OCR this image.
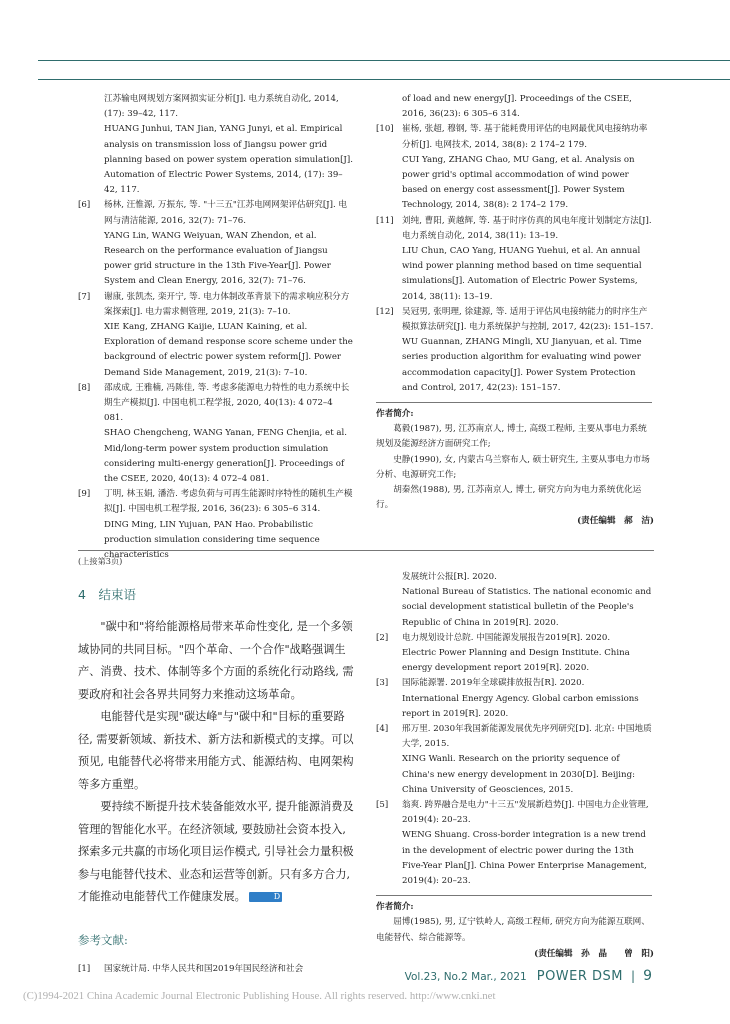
江苏输电网规划方案网损实证分析[J]. 电力系统自动化, 2014, (17): 39–42, 117.
HUANG Junhui, TAN Jian, YANG Junyi, et al. Empirical analysis on transmission loss of Jiangsu power grid planning based on power system operation simulation[J]. Automation of Electric Power Systems, 2014, (17): 39–42, 117.
[6]	杨林, 汪惟源, 万振东, 等. "十三五"江苏电网网架评估研究[J]. 电网与清洁能源, 2016, 32(7): 71–76.
YANG Lin, WANG Weiyuan, WAN Zhendon, et al. Research on the performance evaluation of Jiangsu power grid structure in the 13th Five-Year[J]. Power System and Clean Energy, 2016, 32(7): 71–76.
[7]	谢康, 张凯杰, 栾开宁, 等. 电力体制改革背景下的需求响应积分方案探索[J]. 电力需求侧管理, 2019, 21(3): 7–10.
XIE Kang, ZHANG Kaijie, LUAN Kaining, et al. Exploration of demand response score scheme under the background of electric power system reform[J]. Power Demand Side Management, 2019, 21(3): 7–10.
[8]	邵成成, 王雅楠, 冯陈佳, 等. 考虑多能源电力特性的电力系统中长期生产模拟[J]. 中国电机工程学报, 2020, 40(13): 4 072–4 081.
SHAO Chengcheng, WANG Yanan, FENG Chenjia, et al. Mid/long-term power system production simulation considering multi-energy generation[J]. Proceedings of the CSEE, 2020, 40(13): 4 072–4 081.
[9]	丁明, 林玉娟, 潘浩. 考虑负荷与可再生能源时序特性的随机生产模拟[J]. 中国电机工程学报, 2016, 36(23): 6 305–6 314.
DING Ming, LIN Yujuan, PAN Hao. Probabilistic production simulation considering time sequence characteristics
of load and new energy[J]. Proceedings of the CSEE, 2016, 36(23): 6 305–6 314.
[10] 崔杨, 张超, 穆钢, 等. 基于能耗费用评估的电网最优风电接纳功率分析[J]. 电网技术, 2014, 38(8): 2 174–2 179.
CUI Yang, ZHANG Chao, MU Gang, et al. Analysis on power grid's optimal accommodation of wind power based on energy cost assessment[J]. Power System Technology, 2014, 38(8): 2 174–2 179.
[11] 刘纯, 曹阳, 黄越辉, 等. 基于时序仿真的风电年度计划制定方法[J]. 电力系统自动化, 2014, 38(11): 13–19.
LIU Chun, CAO Yang, HUANG Yuehui, et al. An annual wind power planning method based on time sequential simulations[J]. Automation of Electric Power Systems, 2014, 38(11): 13–19.
[12] 吴冠男, 张明理, 徐建源, 等. 适用于评估风电接纳能力的时序生产模拟算法研究[J]. 电力系统保护与控制, 2017, 42(23): 151–157.
WU Guannan, ZHANG Mingli, XU Jianyuan, et al. Time series production algorithm for evaluating wind power accommodation capacity[J]. Power System Protection and Control, 2017, 42(23): 151–157.
作者简介:
葛毅(1987), 男, 江苏南京人, 博士, 高级工程师, 主要从事电力系统规划及能源经济方面研究工作;
史静(1990), 女, 内蒙古乌兰察布人, 硕士研究生, 主要从事电力市场分析、电源研究工作;
胡秦然(1988), 男, 江苏南京人, 博士, 研究方向为电力系统优化运行。
(责任编辑　郝　洁)
(上接第3页)
4　结束语
"碳中和"将给能源格局带来革命性变化, 是一个多领域协同的共同目标。"四个革命、一个合作"战略强调生产、消费、技术、体制等多个方面的系统化行动路线, 需要政府和社会各界共同努力来推动这场革命。
电能替代是实现"碳达峰"与"碳中和"目标的重要路径, 需要新领域、新技术、新方法和新模式的支撑。可以预见, 电能替代必将带来用能方式、能源结构、电网架构等多方重塑。
要持续不断提升技术装备能效水平, 提升能源消费及管理的智能化水平。在经济领域, 要鼓励社会资本投入, 探索多元共赢的市场化项目运作模式, 引导社会力量积极参与电能替代技术、业态和运营等创新。只有多方合力, 才能推动电能替代工作健康发展。	D
参考文献:
[1]	国家统计局. 中华人民共和国2019年国民经济和社会
发展统计公报[R]. 2020.
National Bureau of Statistics. The national economic and social development statistical bulletin of the People's Republic of China in 2019[R]. 2020.
[2]	电力规划设计总院. 中国能源发展报告2019[R]. 2020.
Electric Power Planning and Design Institute. China energy development report 2019[R]. 2020.
[3]	国际能源署. 2019年全球碳排放报告[R]. 2020.
International Energy Agency. Global carbon emissions report in 2019[R]. 2020.
[4]	邢万里. 2030年我国新能源发展优先序列研究[D]. 北京: 中国地质大学, 2015.
XING Wanli. Research on the priority sequence of China's new energy development in 2030[D]. Beijing: China University of Geosciences, 2015.
[5]	翁爽. 跨界融合是电力"十三五"发展新趋势[J]. 中国电力企业管理, 2019(4): 20–23.
WENG Shuang. Cross-border integration is a new trend in the development of electric power during the 13th Five-Year Plan[J]. China Power Enterprise Management, 2019(4): 20–23.
作者简介:
屈博(1985), 男, 辽宁铁岭人, 高级工程师, 研究方向为能源互联网、电能替代、综合能源等。
(责任编辑　孙　晶　　曾　阳)
Vol.23, No.2 Mar., 2021 POWER DSM | 9
(C)1994-2021 China Academic Journal Electronic Publishing House. All rights reserved. http://www.cnki.net
